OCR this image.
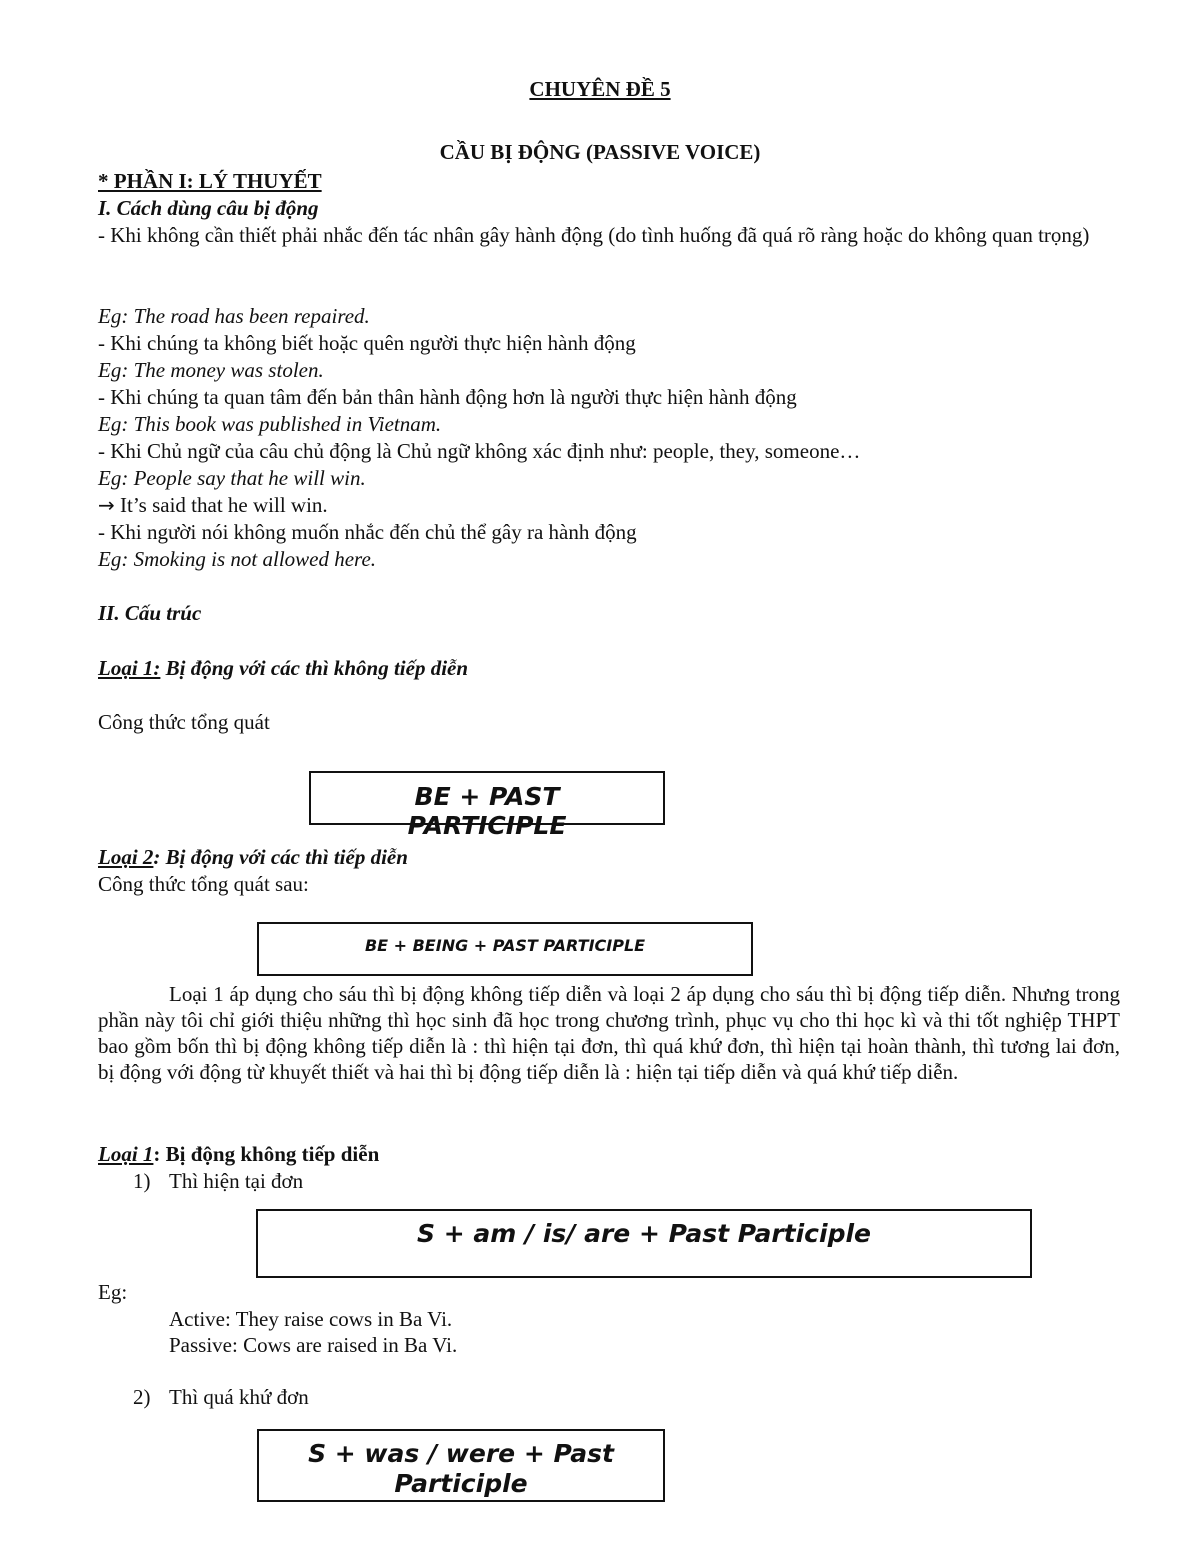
CHUYÊN ĐỀ 5
CẦU BỊ ĐỘNG (PASSIVE VOICE)
* PHẦN I: LÝ THUYẾT
I. Cách dùng câu bị động
- Khi không cần thiết phải nhắc đến tác nhân gây hành động (do tình huống đã quá rõ ràng hoặc do không quan trọng)
Eg: The road has been repaired.
- Khi chúng ta không biết hoặc quên người thực hiện hành động
Eg: The money was stolen.
- Khi chúng ta quan tâm đến bản thân hành động hơn là người thực hiện hành động
Eg: This book was published in Vietnam.
- Khi Chủ ngữ của câu chủ động là Chủ ngữ không xác định như: people, they, someone…
Eg: People say that he will win.
→ It’s said that he will win.
- Khi người nói không muốn nhắc đến chủ thể gây ra hành động
Eg: Smoking is not allowed here.
II. Cấu trúc
Loại 1: Bị động với các thì không tiếp diễn
Công thức tổng quát
BE + PAST PARTICIPLE
Loại 2: Bị động với các thì tiếp diễn
Công thức tổng quát sau:
BE + BEING + PAST PARTICIPLE
Loại 1 áp dụng cho sáu thì bị động không tiếp diễn và loại 2 áp dụng cho sáu thì bị động tiếp diễn. Nhưng trong phần này tôi chỉ giới thiệu những thì học sinh đã học trong chương trình, phục vụ cho thi học kì và thi tốt nghiệp THPT bao gồm bốn thì bị động không tiếp diễn là : thì hiện tại đơn, thì quá khứ đơn, thì hiện tại hoàn thành, thì tương lai đơn, bị động với động từ khuyết thiết và hai thì bị động tiếp diễn là : hiện tại tiếp diễn và quá khứ tiếp diễn.
Loại 1: Bị động không tiếp diễn
1) Thì hiện tại đơn
S + am / is/ are + Past Participle
Eg:
Active: They raise cows in Ba Vi.
Passive: Cows are raised in Ba Vi.
2) Thì quá khứ đơn
S + was / were + Past Participle
